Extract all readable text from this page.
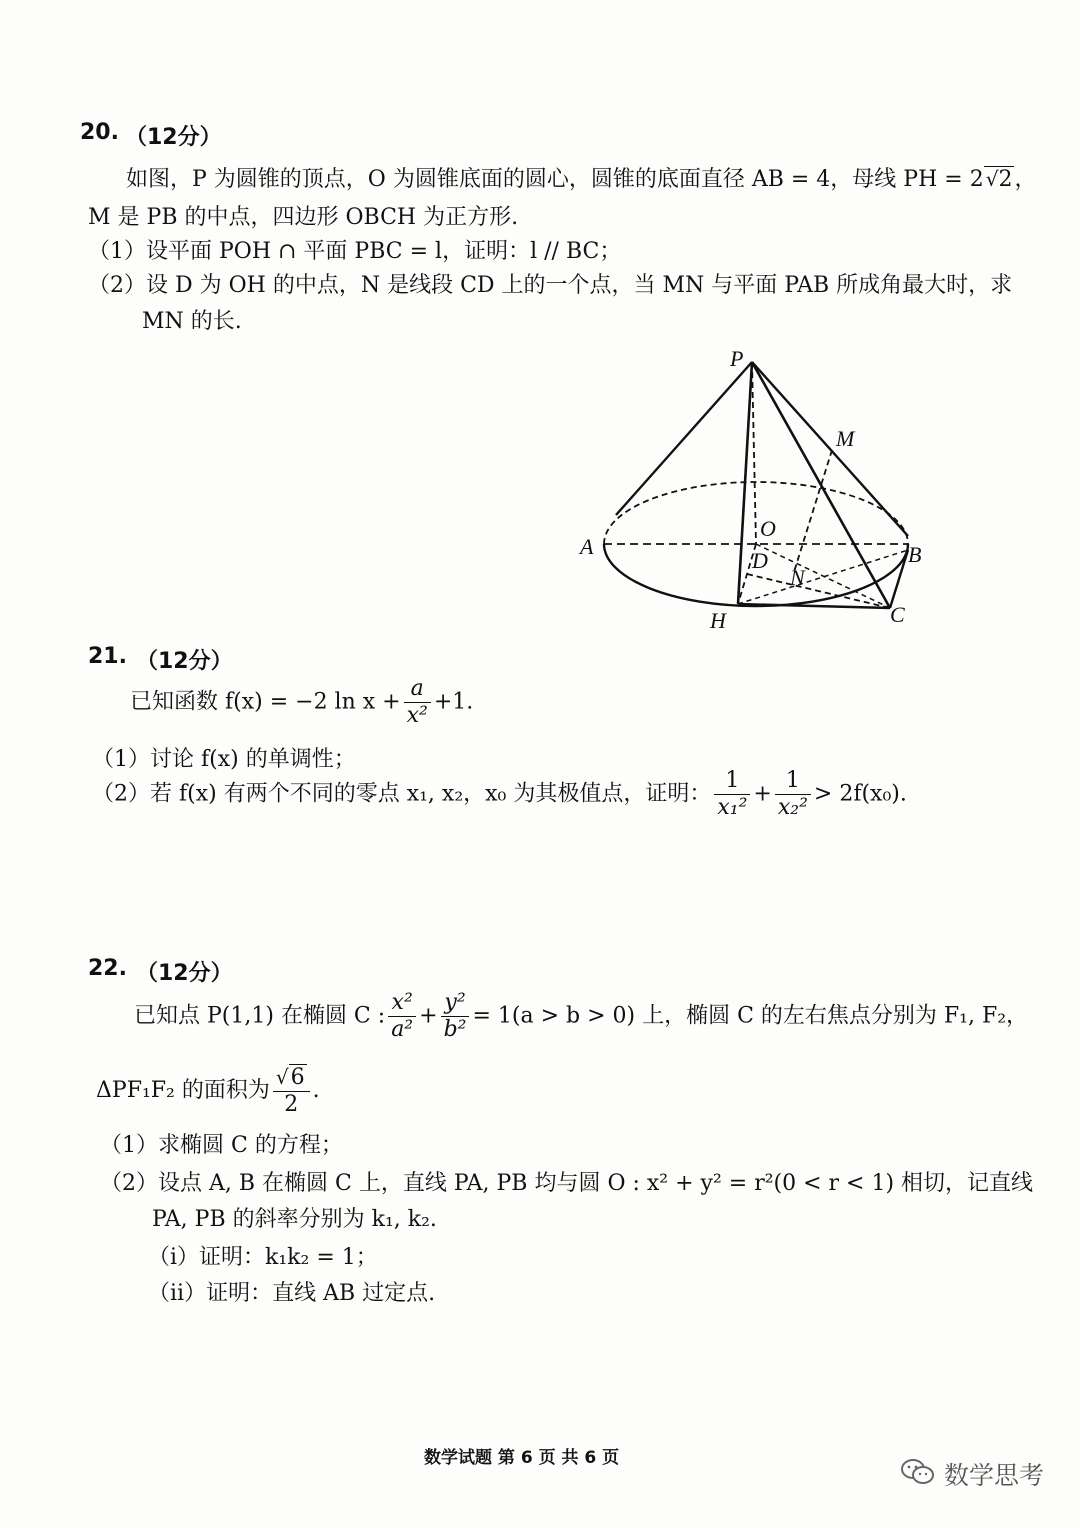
20. （12分）
如图，P 为圆锥的顶点，O 为圆锥底面的圆心，圆锥的底面直径 AB = 4，母线 PH = 2 √2，
M 是 PB 的中点，四边形 OBCH 为正方形.
（1）设平面 POH ∩ 平面 PBC = l，证明：l // BC；
（2）设 D 为 OH 的中点，N 是线段 CD 上的一个点，当 MN 与平面 PAB 所成角最大时，求
MN 的长.
P
M
O
A	B
D
N
H	C
21. （12分）
已知函数 f(x) = −2 $\ln x + \frac{a}{\text{x²}} +1$.
（1）讨论 f(x) 的单调性；
（2）若 f(x) 有两个不同的零点 x₁, x₂，x₀ 为其极值点，证明： $\frac{1}{\text{x₁²}} + \frac{1}{\text{x₂²}} > 2f(x_0)$.
22. （12分）
已知点 P(1,1) 在椭圆 C : $\frac{\text{x²}}{\text{a²}} + \frac{\text{y²}}{\text{b²}} = 1(a > b > 0)$ 上，椭圆 C 的左右焦点分别为 F₁, F₂，
ΔPF₁F₂ 的面积为 $\frac{√6}{2}$ .
（1）求椭圆 C 的方程；
（2）设点 A, B 在椭圆 C 上，直线 PA, PB 均与圆 O : x² + y² = r²(0 < r < 1) 相切，记直线
PA, PB 的斜率分别为 k₁, k₂.
（ⅰ）证明：k₁k₂ = 1；
（ⅱ）证明：直线 AB 过定点.
数学试题 第 6 页 共 6 页
数学思考
